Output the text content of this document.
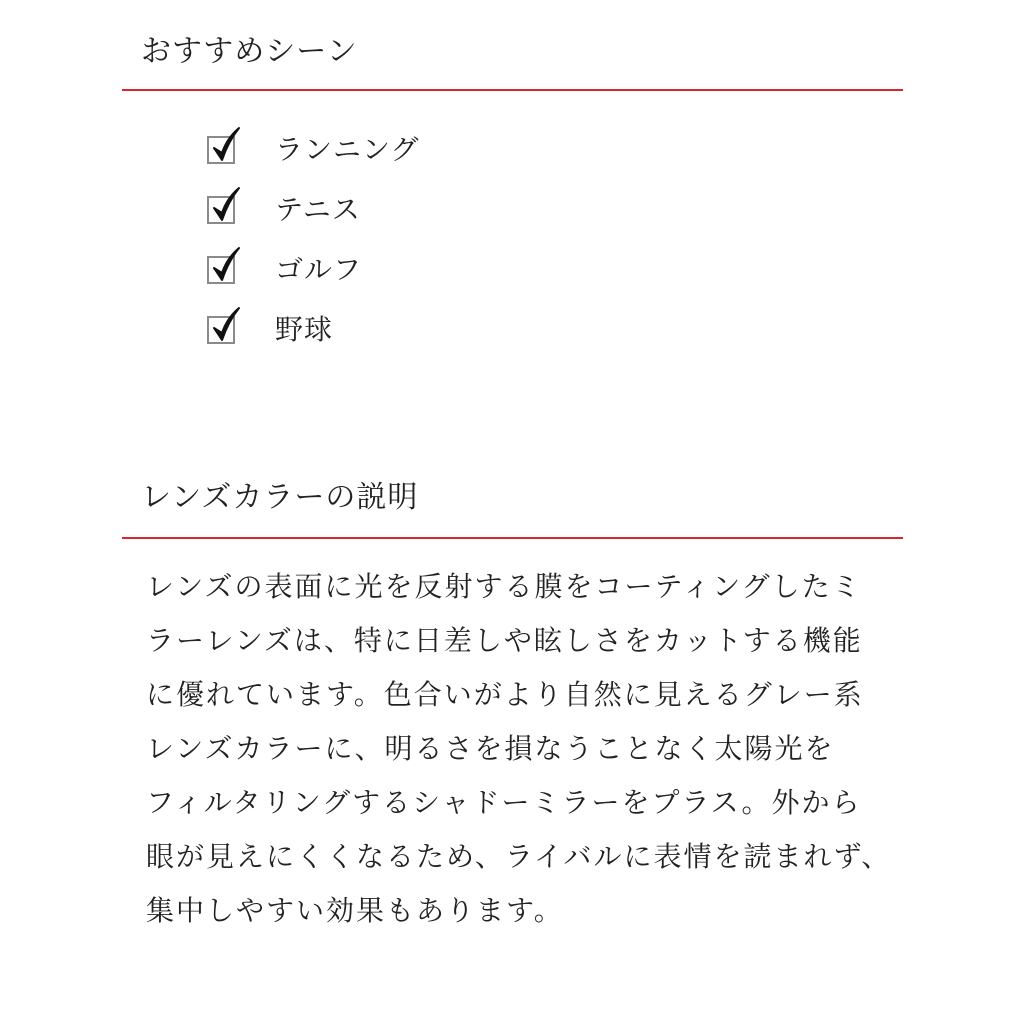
おすすめシーン
ランニング
テニス
ゴルフ
野球
レンズカラーの説明
レンズの表面に光を反射する膜をコーティングしたミ
ラーレンズは、特に日差しや眩しさをカットする機能
に優れています。色合いがより自然に見えるグレー系
レンズカラーに、明るさを損なうことなく太陽光を
フィルタリングするシャドーミラーをプラス。外から
眼が見えにくくなるため、ライバルに表情を読まれず、
集中しやすい効果もあります。
